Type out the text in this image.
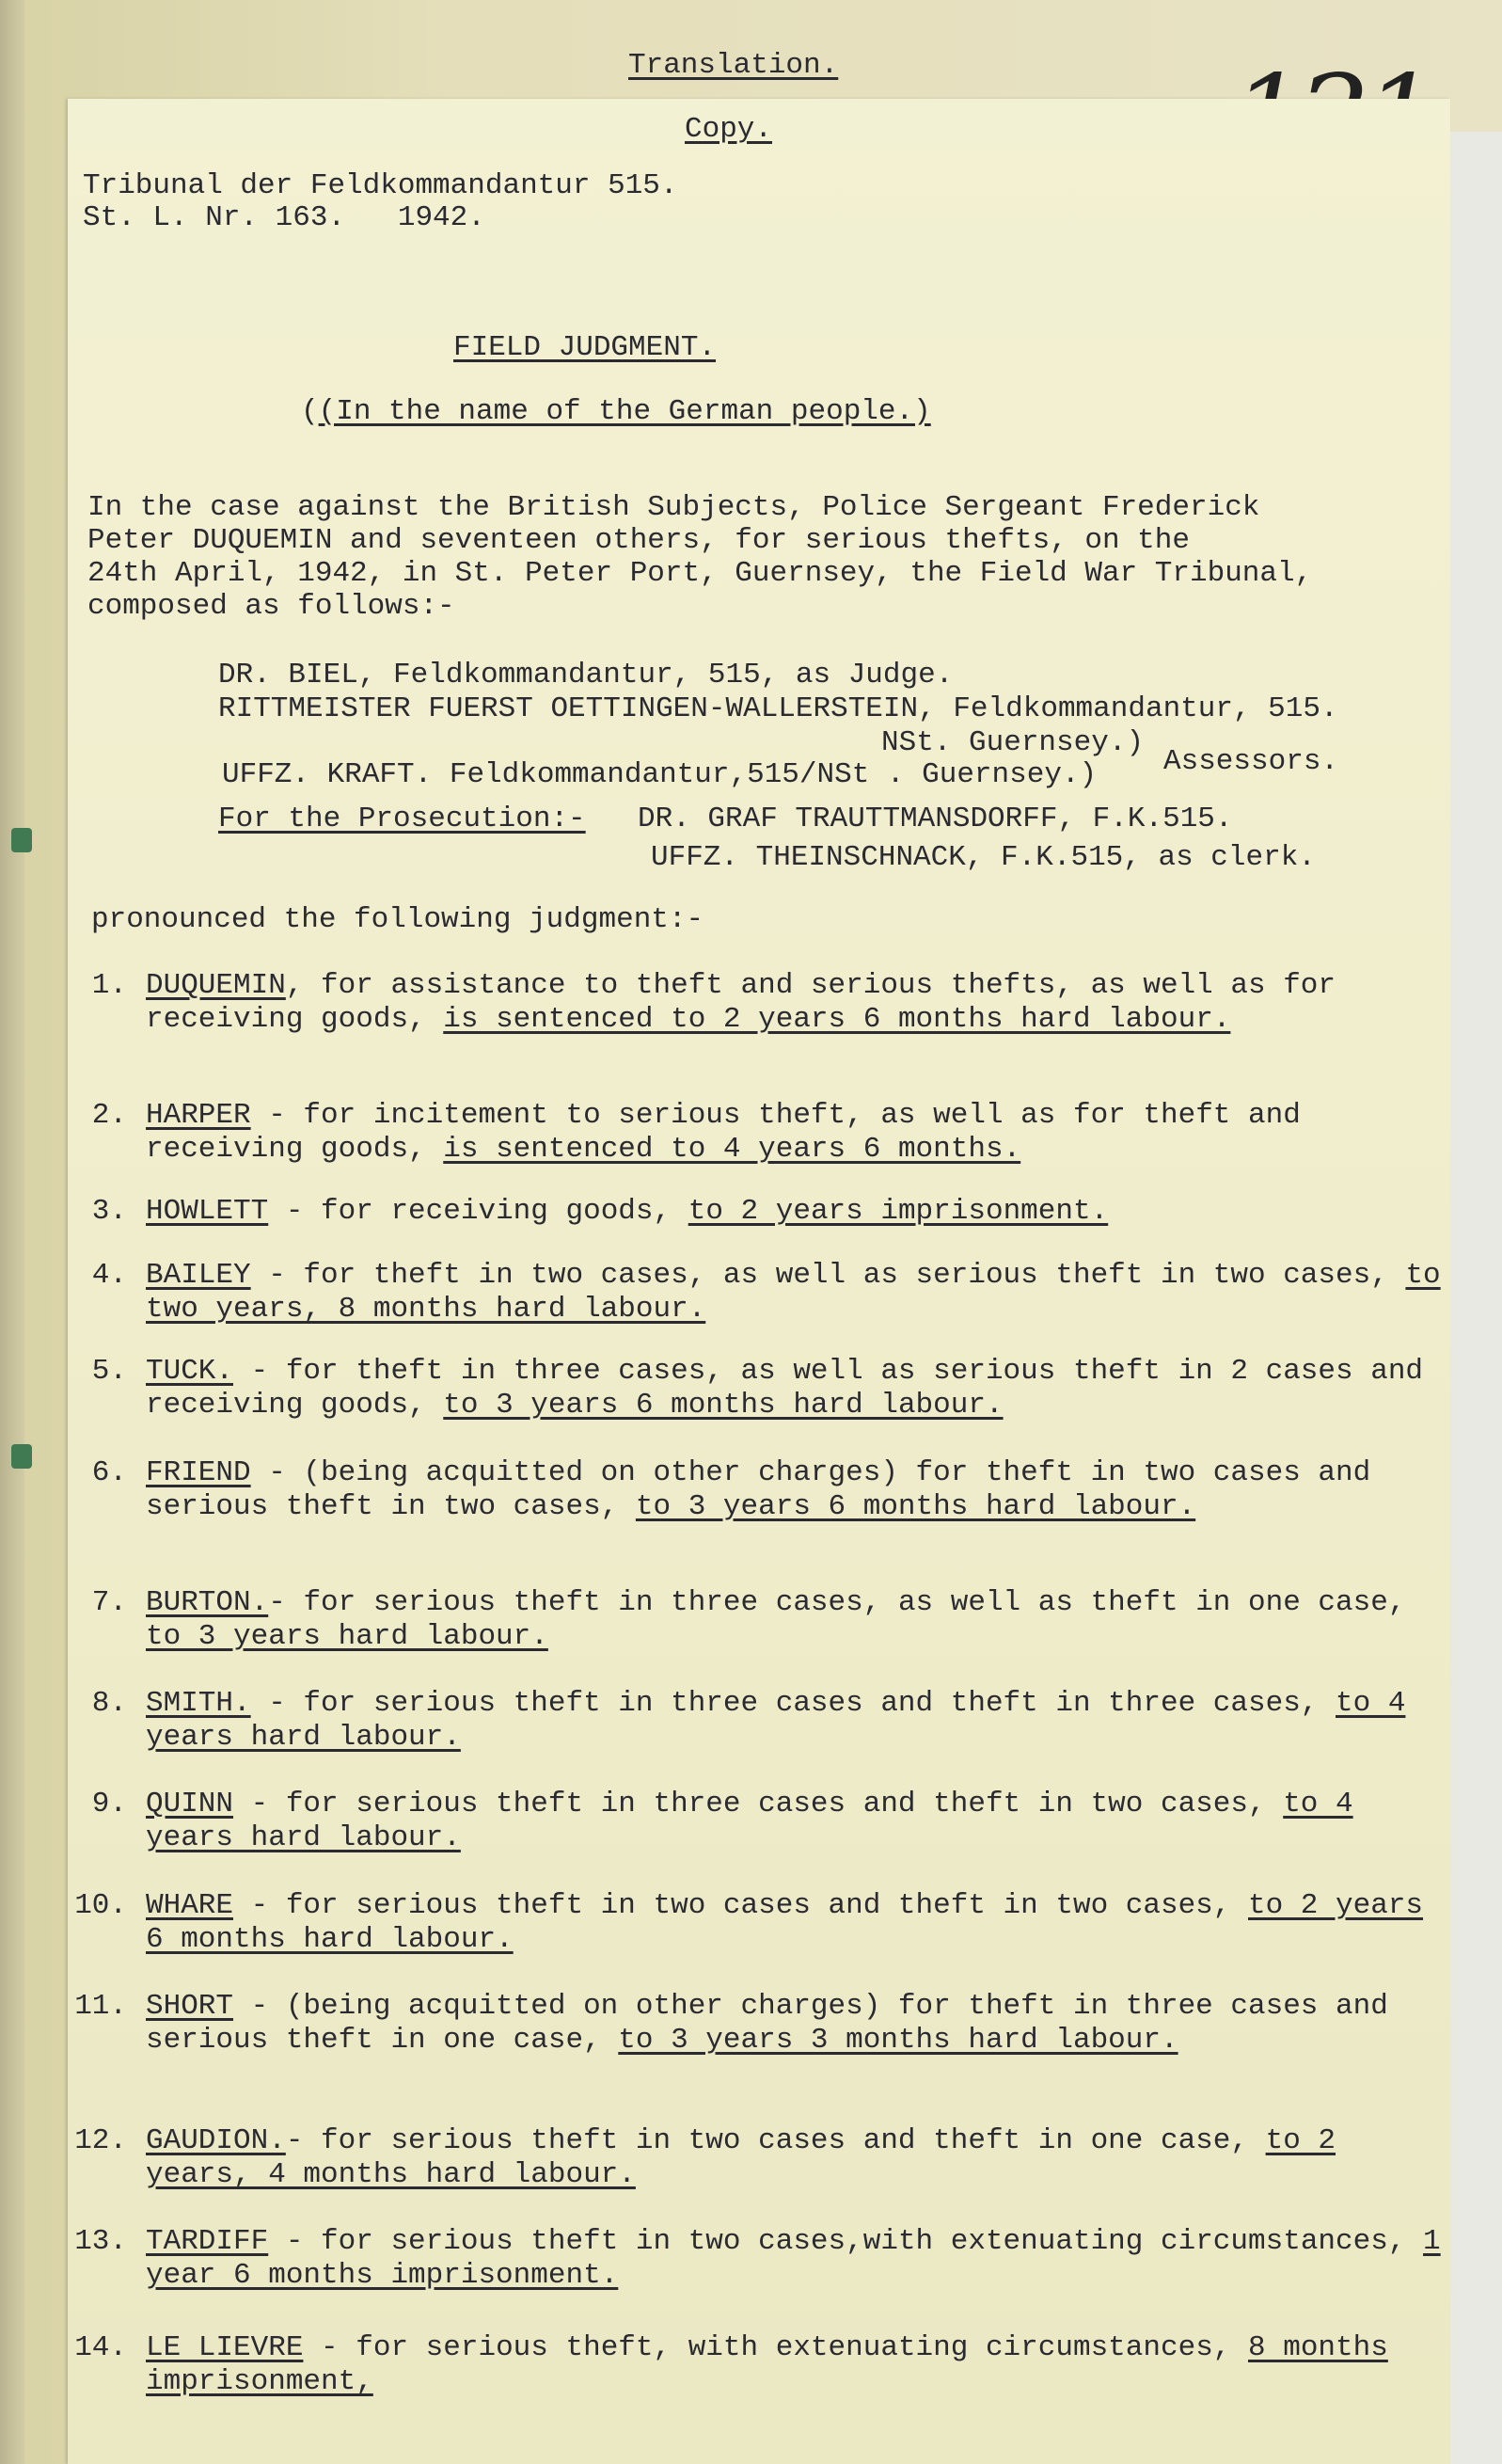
Translation.
Copy.
Tribunal der Feldkommandantur 515.
St. L. Nr. 163.   1942.
FIELD JUDGMENT.
((In the name of the German people.)
In the case against the British Subjects, Police Sergeant Frederick
Peter DUQUEMIN and seventeen others, for serious thefts, on the
24th April, 1942, in St. Peter Port, Guernsey, the Field War Tribunal,
composed as follows:-
DR. BIEL, Feldkommandantur, 515, as Judge.
RITTMEISTER FUERST OETTINGEN-WALLERSTEIN, Feldkommandantur, 515.
NSt. Guernsey.)
UFFZ. KRAFT. Feldkommandantur,515/NSt . Guernsey.) Assessors.
For the Prosecution:- DR. GRAF TRAUTTMANSDORFF, F.K.515.
UFFZ. THEINSCHNACK, F.K.515, as clerk.
pronounced the following judgment:-
1. DUQUEMIN, for assistance to theft and serious thefts, as well as for receiving goods, is sentenced to 2 years 6 months hard labour.
2. HARPER - for incitement to serious theft, as well as for theft and receiving goods, is sentenced to 4 years 6 months.
3. HOWLETT - for receiving goods, to 2 years imprisonment.
4. BAILEY - for theft in two cases, as well as serious theft in two cases, to two years, 8 months hard labour.
5. TUCK. - for theft in three cases, as well as serious theft in 2 cases and receiving goods, to 3 years 6 months hard labour.
6. FRIEND - (being acquitted on other charges) for theft in two cases and serious theft in two cases, to 3 years 6 months hard labour.
7. BURTON.- for serious theft in three cases, as well as theft in one case, to 3 years hard labour.
8. SMITH. - for serious theft in three cases and theft in three cases, to 4 years hard labour.
9. QUINN - for serious theft in three cases and theft in two cases, to 4 years hard labour.
10. WHARE - for serious theft in two cases and theft in two cases, to 2 years 6 months hard labour.
11. SHORT - (being acquitted on other charges) for theft in three cases and serious theft in one case, to 3 years 3 months hard labour.
12. GAUDION.- for serious theft in two cases and theft in one case, to 2 years, 4 months hard labour.
13. TARDIFF - for serious theft in two cases,with extenuating circumstances, 1 year 6 months imprisonment.
14. LE LIEVRE - for serious theft, with extenuating circumstances, 8 months imprisonment,
